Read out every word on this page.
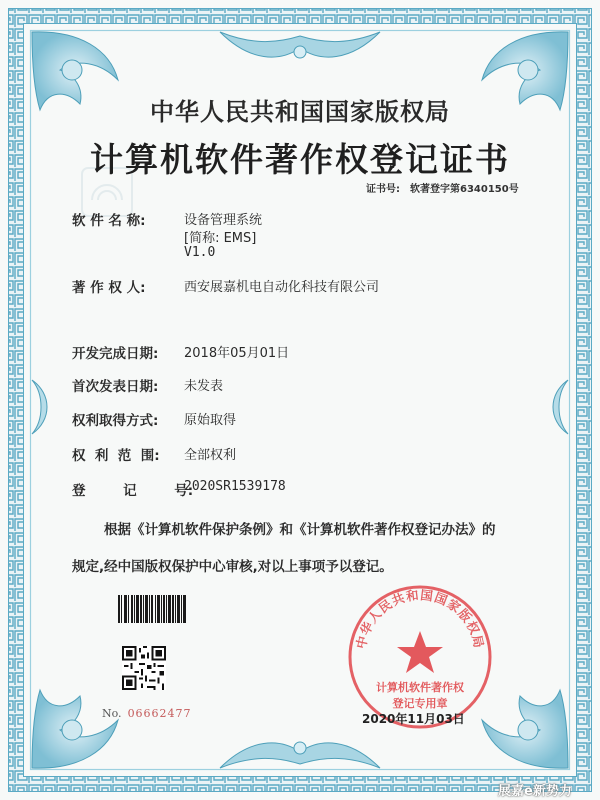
中华人民共和国国家版权局
计算机软件著作权登记证书
证书号: 软著登字第6340150号
软 件 名 称:	设备管理系统
[简称: EMS]
V1.0
著 作 权 人:	西安展嘉机电自动化科技有限公司
开发完成日期: 2018年05月01日
首次发表日期: 未发表
权利取得方式: 原始取得
权  利  范  围: 全部权利
登        记        号:
2020SR1539178
根据《计算机软件保护条例》和《计算机软件著作权登记办法》的
规定,经中国版权保护中心审核,对以上事项予以登记。
No. 06662477
中华人民共和国国家版权局
计算机软件著作权
登记专用章
2020年11月03日
展嘉e新势力
